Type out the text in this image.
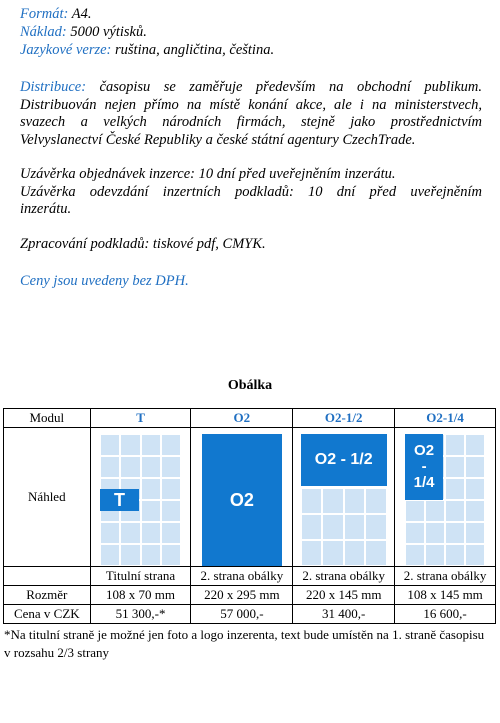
Formát: A4.
Náklad: 5000 výtisků.
Jazykové verze: ruština, angličtina, čeština.
Distribuce: časopisu se zaměřuje především na obchodní publikum.
Distribuován nejen přímo na místě konání akce, ale i na ministerstvech,
svazech a velkých národních firmách, stejně jako prostřednictvím
Velvyslanectví České Republiky a české státní agentury CzechTrade.
Uzávěrka objednávek inzerce: 10 dní před uveřejněním inzerátu.
Uzávěrka odevzdání inzertních podkladů: 10 dní před uveřejněním
inzerátu.
Zpracování podkladů: tiskové pdf, CMYK.
Ceny jsou uvedeny bez DPH.
Obálka
Modul	T	O2	O2-1/2	O2-1/4
Náhled	T	O2	O2 - 1/2	O2
-
1/4

	Titulní strana	2. strana obálky	2. strana obálky	2. strana obálky
Rozměr	108 x 70 mm	220 x 295 mm	220 x 145 mm	108 x 145 mm
Cena v CZK	51 300,-*	57 000,-	31 400,-	16 600,-
*Na titulní straně je možné jen foto a logo inzerenta, text bude umístěn na 1. straně časopisu
v rozsahu 2/3 strany
